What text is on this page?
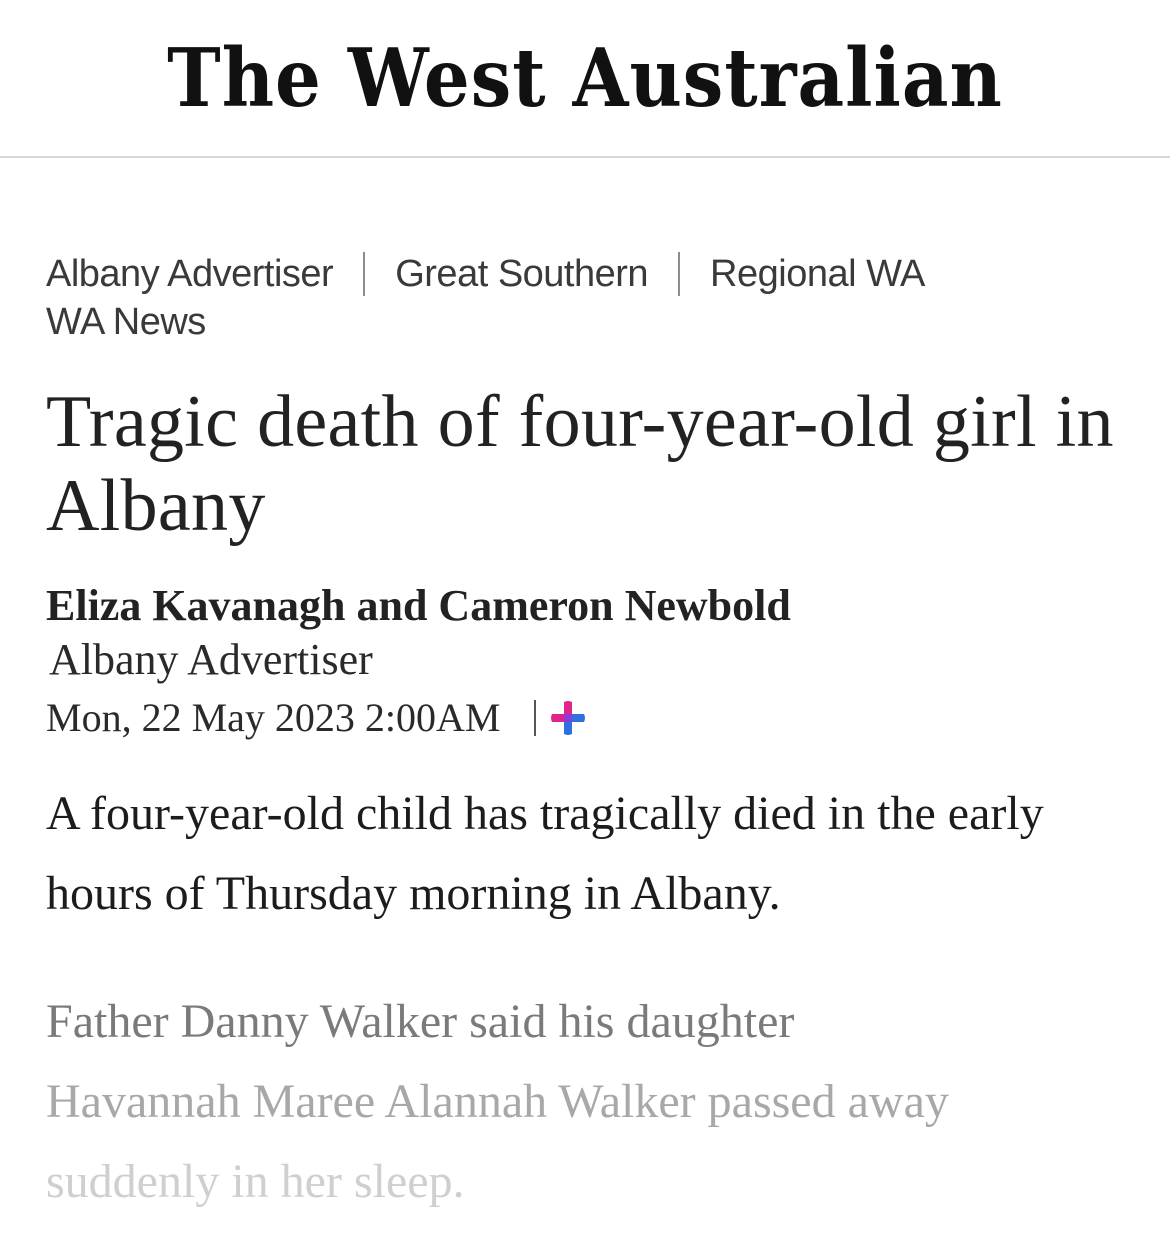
The West Australian
Albany Advertiser Great Southern Regional WA
WA News
Tragic death of four-year-old girl in Albany
Eliza Kavanagh and Cameron Newbold
Albany Advertiser
Mon, 22 May 2023 2:00AM

A four-year-old child has tragically died in the early hours of Thursday morning in Albany.

Father Danny Walker said his daughter
Havannah Maree Alannah Walker passed away
suddenly in her sleep.
